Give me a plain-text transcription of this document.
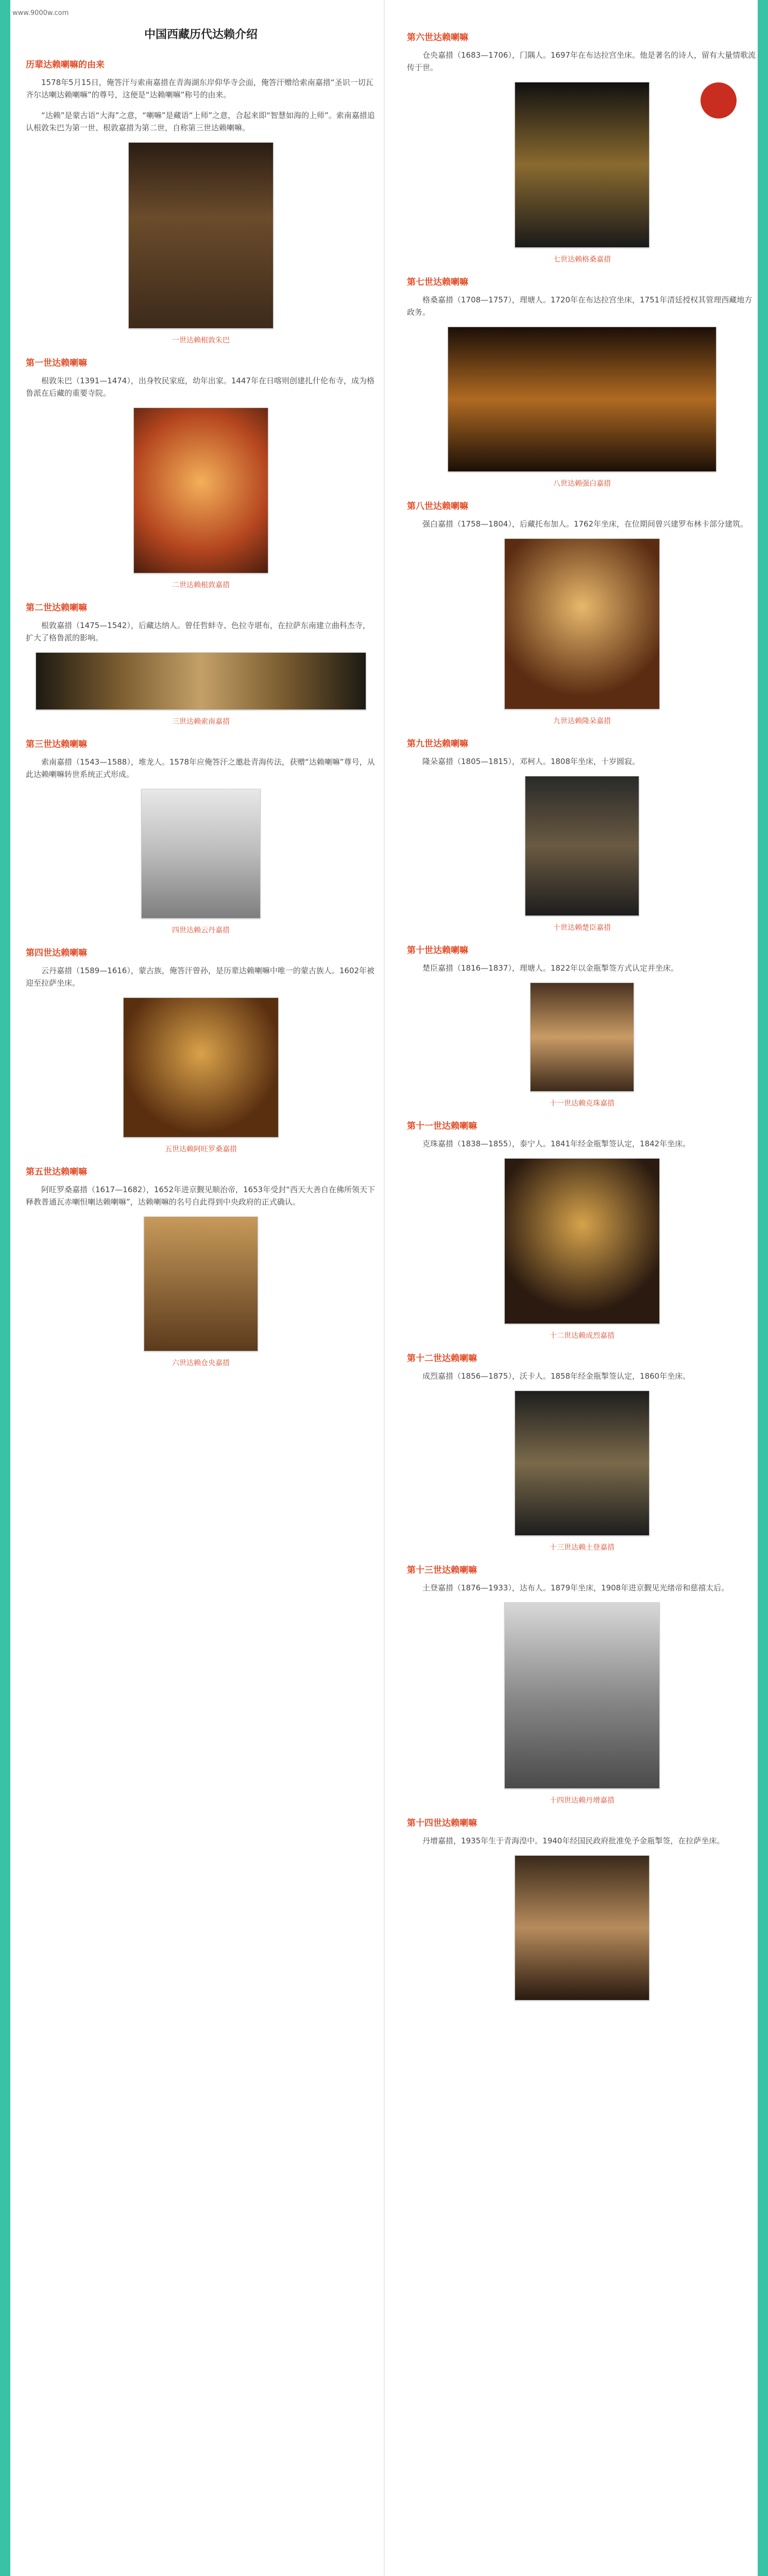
www.9000w.com
中国西藏历代达赖介绍
历辈达赖喇嘛的由来

1578年5月15日，俺答汗与索南嘉措在青海湖东岸仰华寺会面，俺答汗赠给索南嘉措“圣识一切瓦齐尔达喇达赖喇嘛”的尊号，这便是“达赖喇嘛”称号的由来。

“达赖”是蒙古语“大海”之意，“喇嘛”是藏语“上师”之意，合起来即“智慧如海的上师”。索南嘉措追认根敦朱巴为第一世、根敦嘉措为第二世，自称第三世达赖喇嘛。

一世达赖根敦朱巴
第一世达赖喇嘛

根敦朱巴（1391—1474），出身牧民家庭，幼年出家。1447年在日喀则创建扎什伦布寺，成为格鲁派在后藏的重要寺院。

二世达赖根敦嘉措
第二世达赖喇嘛

根敦嘉措（1475—1542），后藏达纳人。曾任哲蚌寺、色拉寺堪布，在拉萨东南建立曲科杰寺，扩大了格鲁派的影响。

三世达赖索南嘉措
第三世达赖喇嘛

索南嘉措（1543—1588），堆龙人。1578年应俺答汗之邀赴青海传法，获赠“达赖喇嘛”尊号，从此达赖喇嘛转世系统正式形成。

四世达赖云丹嘉措
第四世达赖喇嘛

云丹嘉措（1589—1616），蒙古族，俺答汗曾孙，是历辈达赖喇嘛中唯一的蒙古族人。1602年被迎至拉萨坐床。

五世达赖阿旺罗桑嘉措
第五世达赖喇嘛

阿旺罗桑嘉措（1617—1682），1652年进京觐见顺治帝，1653年受封“西天大善自在佛所领天下释教普通瓦赤喇怛喇达赖喇嘛”，达赖喇嘛的名号自此得到中央政府的正式确认。

六世达赖仓央嘉措
第六世达赖喇嘛

仓央嘉措（1683—1706），门隅人。1697年在布达拉宫坐床。他是著名的诗人，留有大量情歌流传于世。

七世达赖格桑嘉措
第七世达赖喇嘛

格桑嘉措（1708—1757），理塘人。1720年在布达拉宫坐床，1751年清廷授权其管理西藏地方政务。

八世达赖强白嘉措
第八世达赖喇嘛

强白嘉措（1758—1804），后藏托布加人。1762年坐床，在位期间曾兴建罗布林卡部分建筑。

九世达赖隆朵嘉措
第九世达赖喇嘛

隆朵嘉措（1805—1815），邓柯人。1808年坐床，十岁圆寂。

十世达赖楚臣嘉措
第十世达赖喇嘛

楚臣嘉措（1816—1837），理塘人。1822年以金瓶掣签方式认定并坐床。

十一世达赖克珠嘉措
第十一世达赖喇嘛

克珠嘉措（1838—1855），泰宁人。1841年经金瓶掣签认定，1842年坐床。

十二世达赖成烈嘉措
第十二世达赖喇嘛

成烈嘉措（1856—1875），沃卡人。1858年经金瓶掣签认定，1860年坐床。

十三世达赖土登嘉措
第十三世达赖喇嘛

土登嘉措（1876—1933），达布人。1879年坐床，1908年进京觐见光绪帝和慈禧太后。

十四世达赖丹增嘉措
第十四世达赖喇嘛

丹增嘉措，1935年生于青海湟中。1940年经国民政府批准免予金瓶掣签，在拉萨坐床。
